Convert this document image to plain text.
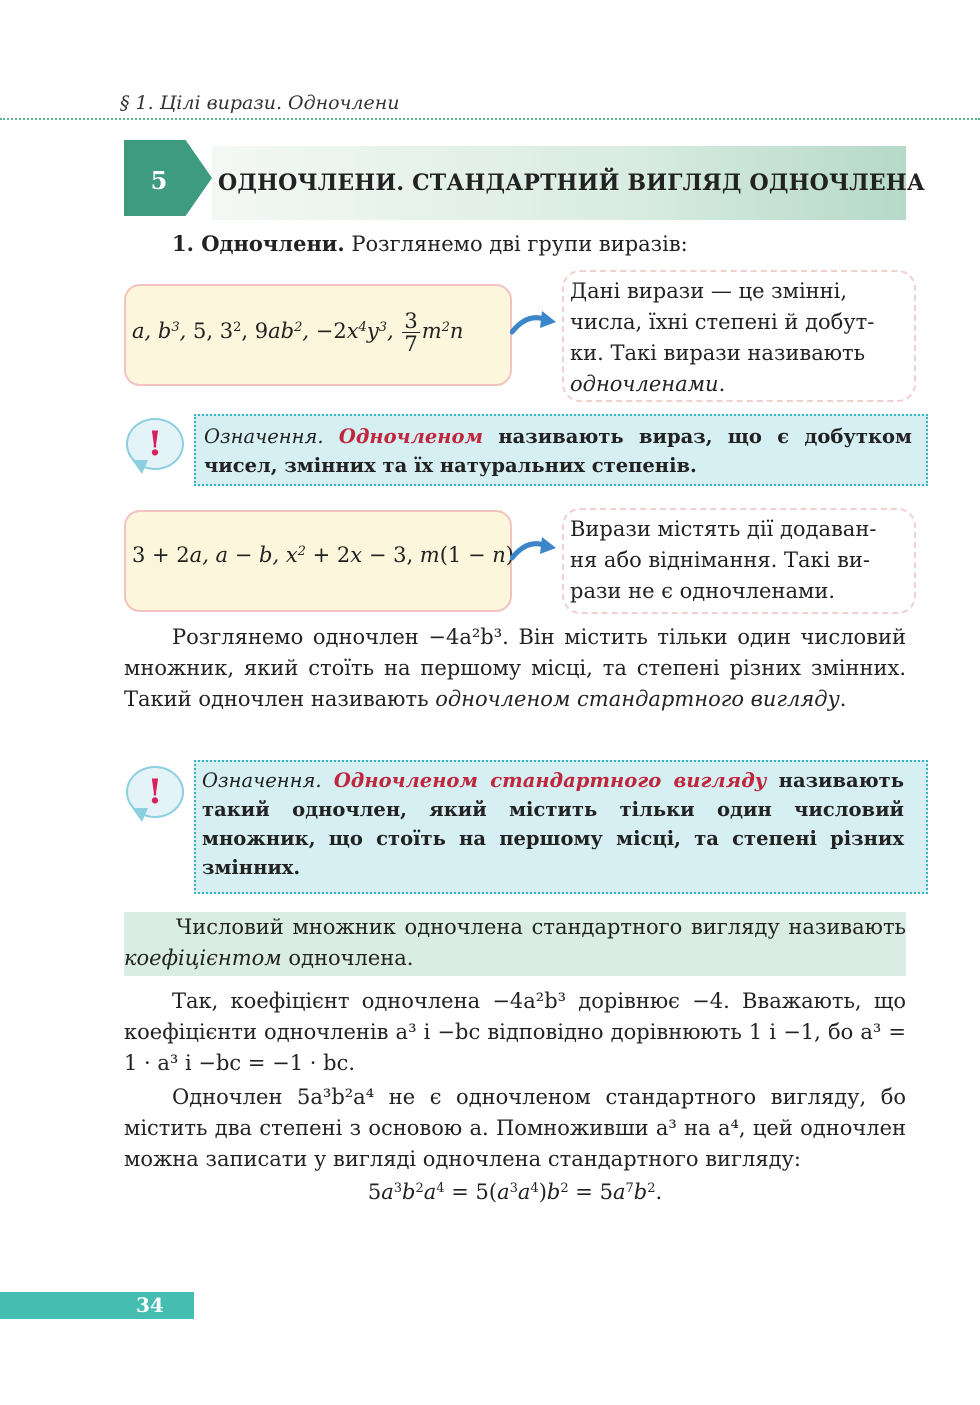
§ 1. Цілі вирази. Одночлени
5	ОДНОЧЛЕНИ. СТАНДАРТНИЙ ВИГЛЯД ОДНОЧЛЕНА
1. Одночлени. Розглянемо дві групи виразів:
a, $b^3$, 5, $3^2$, $9ab^2$, $-2x^4y^3$, $\frac{3}{7} m^2n$
Дані вирази — це змінні,
числа, їхні степені й добут-
ки. Такі вирази називають
одночленами.
!	Означення. Одночленом називають вираз, що є добутком чисел, змінних та їх натуральних степенів.
3 + 2a, a − b, $x^2 + 2x - 3$, m(1 − n)
Вирази містять дії додаван-
ня або віднімання. Такі ви-
рази не є одночленами.
Розглянемо одночлен −4a²b³. Він містить тільки один числовий множник, який стоїть на першому місці, та степені різних змінних. Такий одночлен називають одночленом стандартного вигляду.
!	Означення. Одночленом стандартного вигляду називають такий одночлен, який містить тільки один числовий множник, що стоїть на першому місці, та степені різних змінних.
Числовий множник одночлена стандартного вигляду називають коефіцієнтом одночлена.
Так, коефіцієнт одночлена −4a²b³ дорівнює −4. Вважають, що коефіцієнти одночленів a³ і −bc відповідно дорівнюють 1 і −1, бо a³ = 1 · a³ і −bc = −1 · bc.
Одночлен 5a³b²a⁴ не є одночленом стандартного вигляду, бо містить два степені з основою a. Помноживши a³ на a⁴, цей одночлен можна записати у вигляді одночлена стандартного вигляду:
$5a^3b^2a^4 = 5(a^3a^4)b^2 = 5a^7b^2$.
34
